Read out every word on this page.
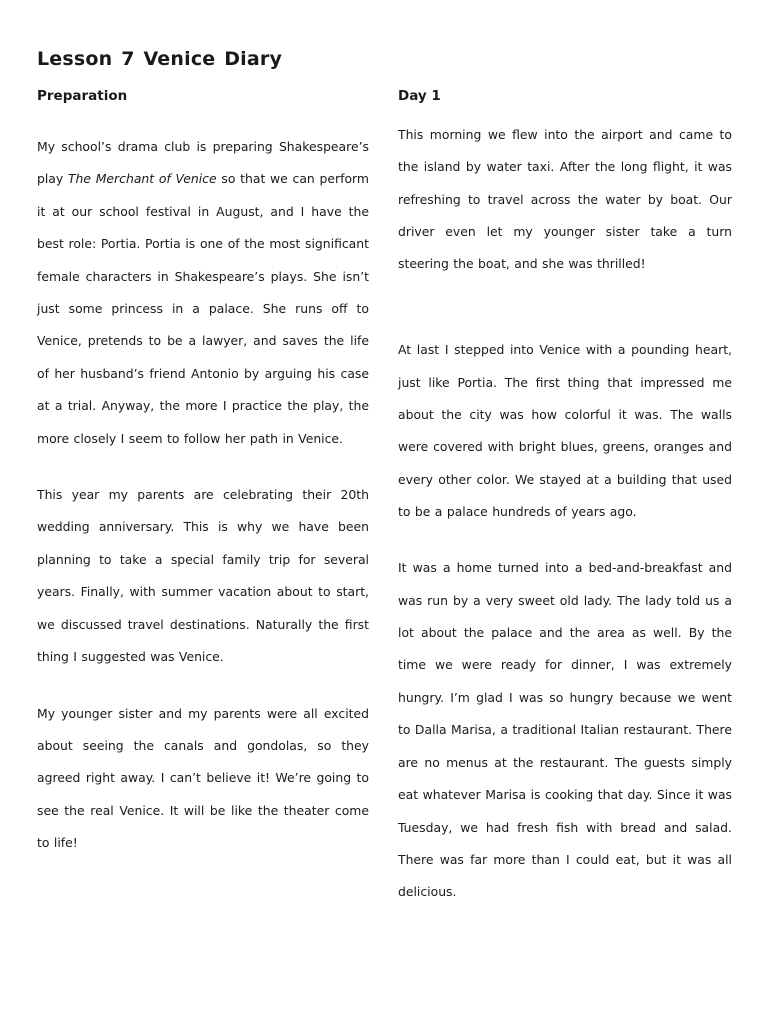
Lesson 7 Venice Diary
Preparation

My school’s drama club is preparing Shakespeare’s play The Merchant of Venice so that we can perform it at our school festival in August, and I have the best role: Portia. Portia is one of the most significant female characters in Shakespeare’s plays. She isn’t just some princess in a palace. She runs off to Venice, pretends to be a lawyer, and saves the life of her husband’s friend Antonio by arguing his case at a trial. Anyway, the more I practice the play, the more closely I seem to follow her path in Venice.

This year my parents are celebrating their 20th wedding anniversary. This is why we have been planning to take a special family trip for several years. Finally, with summer vacation about to start, we discussed travel destinations. Naturally the first thing I suggested was Venice.

My younger sister and my parents were all excited about seeing the canals and gondolas, so they agreed right away. I can’t believe it! We’re going to see the real Venice. It will be like the theater come to life!

Day 1

This morning we flew into the airport and came to the island by water taxi. After the long flight, it was refreshing to travel across the water by boat. Our driver even let my younger sister take a turn steering the boat, and she was thrilled!

At last I stepped into Venice with a pounding heart, just like Portia. The first thing that impressed me about the city was how colorful it was. The walls were covered with bright blues, greens, oranges and every other color. We stayed at a building that used to be a palace hundreds of years ago.

It was a home turned into a bed-and-breakfast and was run by a very sweet old lady. The lady told us a lot about the palace and the area as well. By the time we were ready for dinner, I was extremely hungry. I’m glad I was so hungry because we went to Dalla Marisa, a traditional Italian restaurant. There are no menus at the restaurant. The guests simply eat whatever Marisa is cooking that day. Since it was Tuesday, we had fresh fish with bread and salad. There was far more than I could eat, but it was all delicious.
